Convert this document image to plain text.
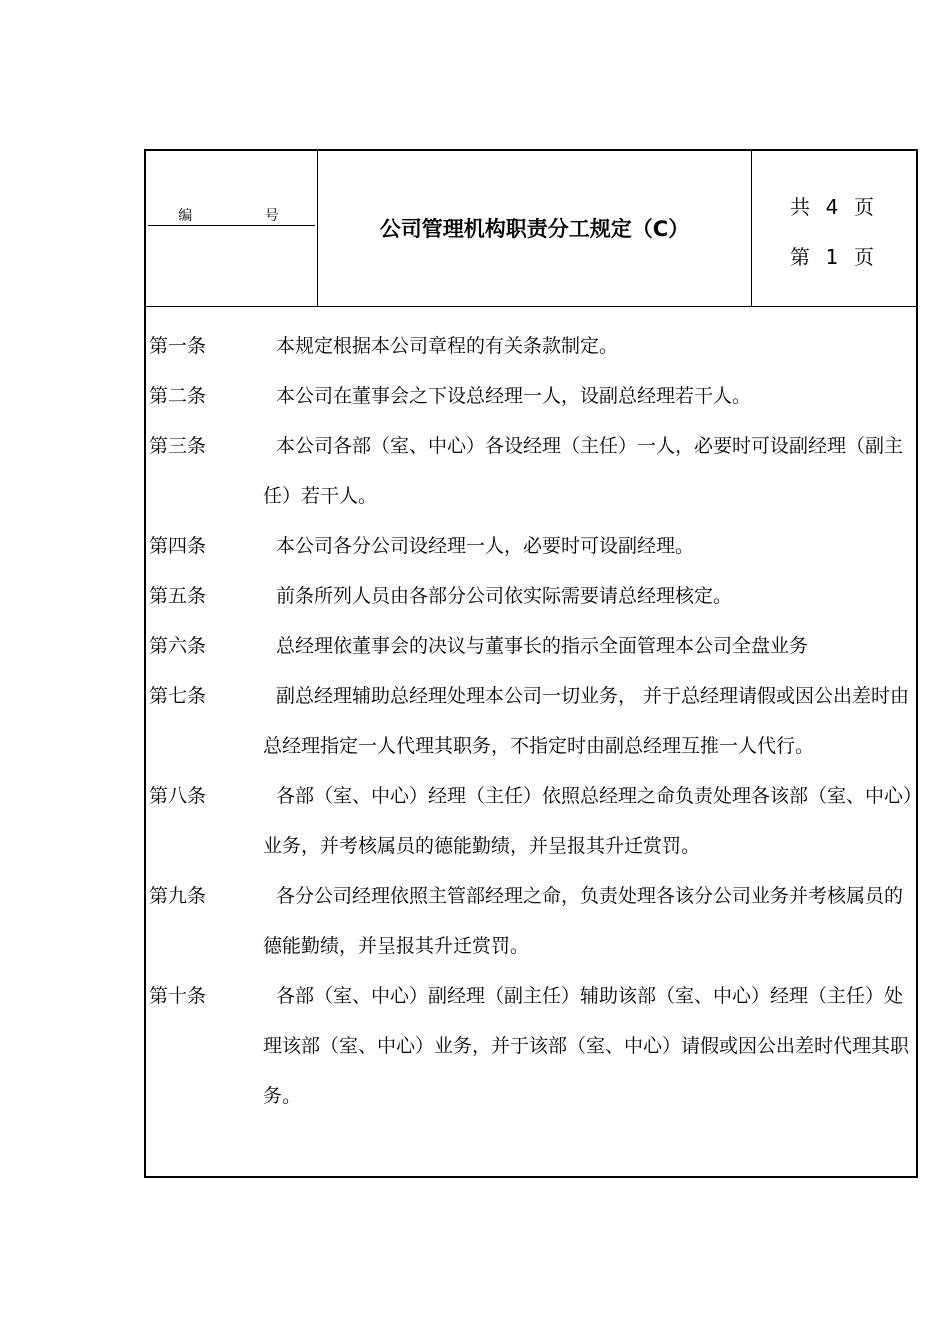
编 号
公司管理机构职责分工规定（C）
共 4 页
第 1 页
第一条	本规定根据本公司章程的有关条款制定。
第二条	本公司在董事会之下设总经理一人，设副总经理若干人。
第三条	本公司各部（室、中心）各设经理（主任）一人，必要时可设副经理（副主任）若干人。
第四条	本公司各分公司设经理一人，必要时可设副经理。
第五条	前条所列人员由各部分公司依实际需要请总经理核定。
第六条	总经理依董事会的决议与董事长的指示全面管理本公司全盘业务
第七条	副总经理辅助总经理处理本公司一切业务， 并于总经理请假或因公出差时由总经理指定一人代理其职务，不指定时由副总经理互推一人代行。
第八条	各部（室、中心）经理（主任）依照总经理之命负责处理各该部（室、中心）业务，并考核属员的德能勤绩，并呈报其升迁赏罚。
第九条	各分公司经理依照主管部经理之命，负责处理各该分公司业务并考核属员的德能勤绩，并呈报其升迁赏罚。
第十条	各部（室、中心）副经理（副主任）辅助该部（室、中心）经理（主任）处理该部（室、中心）业务，并于该部（室、中心）请假或因公出差时代理其职务。
